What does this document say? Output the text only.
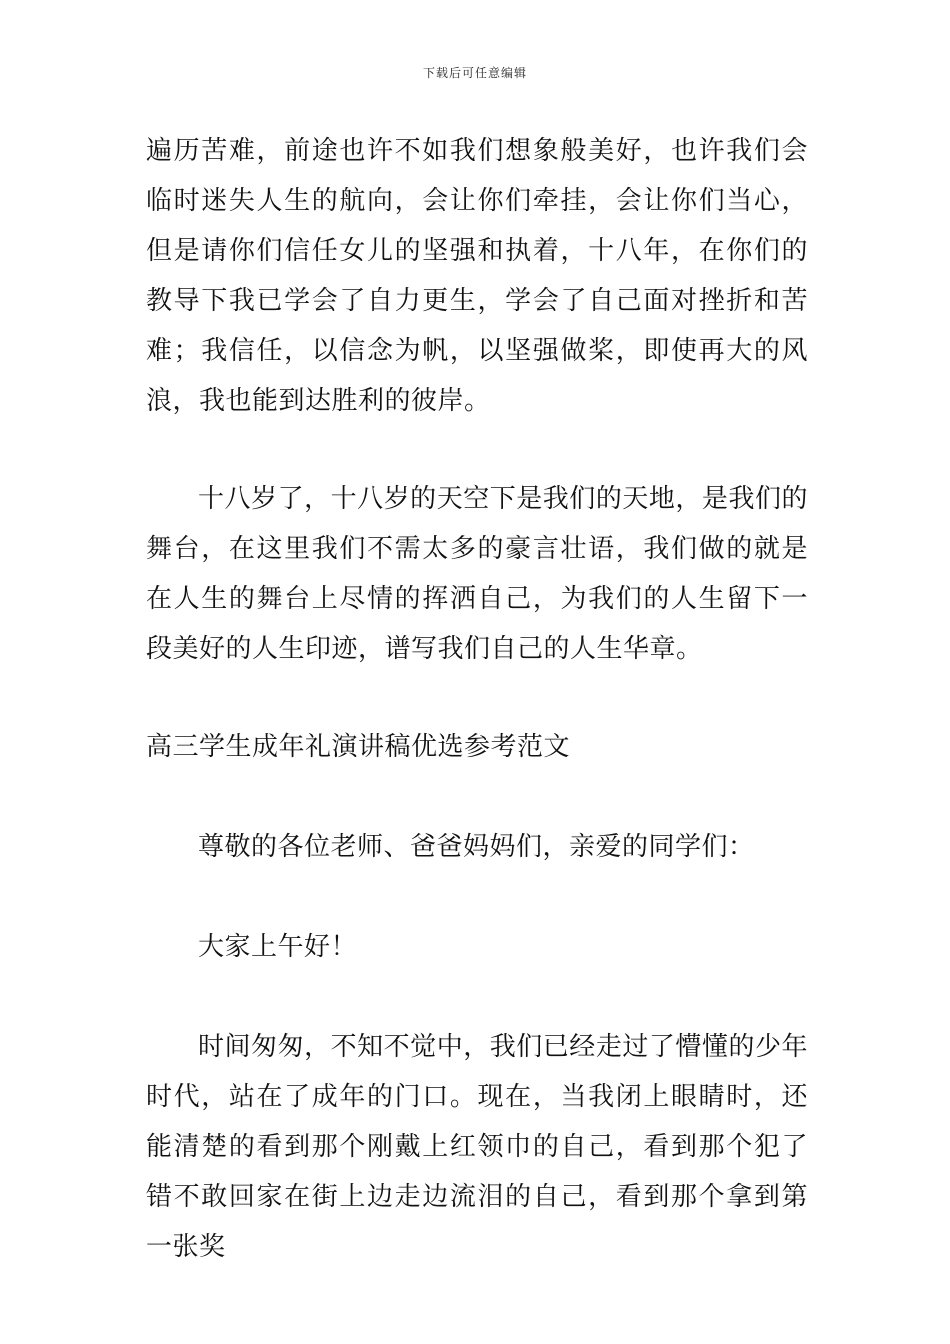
下载后可任意编辑

遍历苦难，前途也许不如我们想象般美好，也许我们会临时迷失人生的航向，会让你们牵挂，会让你们当心，但是请你们信任女儿的坚强和执着，十八年，在你们的教导下我已学会了自力更生，学会了自己面对挫折和苦难；我信任，以信念为帆，以坚强做桨，即使再大的风浪，我也能到达胜利的彼岸。

十八岁了，十八岁的天空下是我们的天地，是我们的舞台，在这里我们不需太多的豪言壮语，我们做的就是在人生的舞台上尽情的挥洒自己，为我们的人生留下一段美好的人生印迹，谱写我们自己的人生华章。

高三学生成年礼演讲稿优选参考范文

尊敬的各位老师、爸爸妈妈们，亲爱的同学们：

大家上午好！

时间匆匆，不知不觉中，我们已经走过了懵懂的少年时代，站在了成年的门口。现在，当我闭上眼睛时，还能清楚的看到那个刚戴上红领巾的自己，看到那个犯了错不敢回家在街上边走边流泪的自己，看到那个拿到第一张奖
